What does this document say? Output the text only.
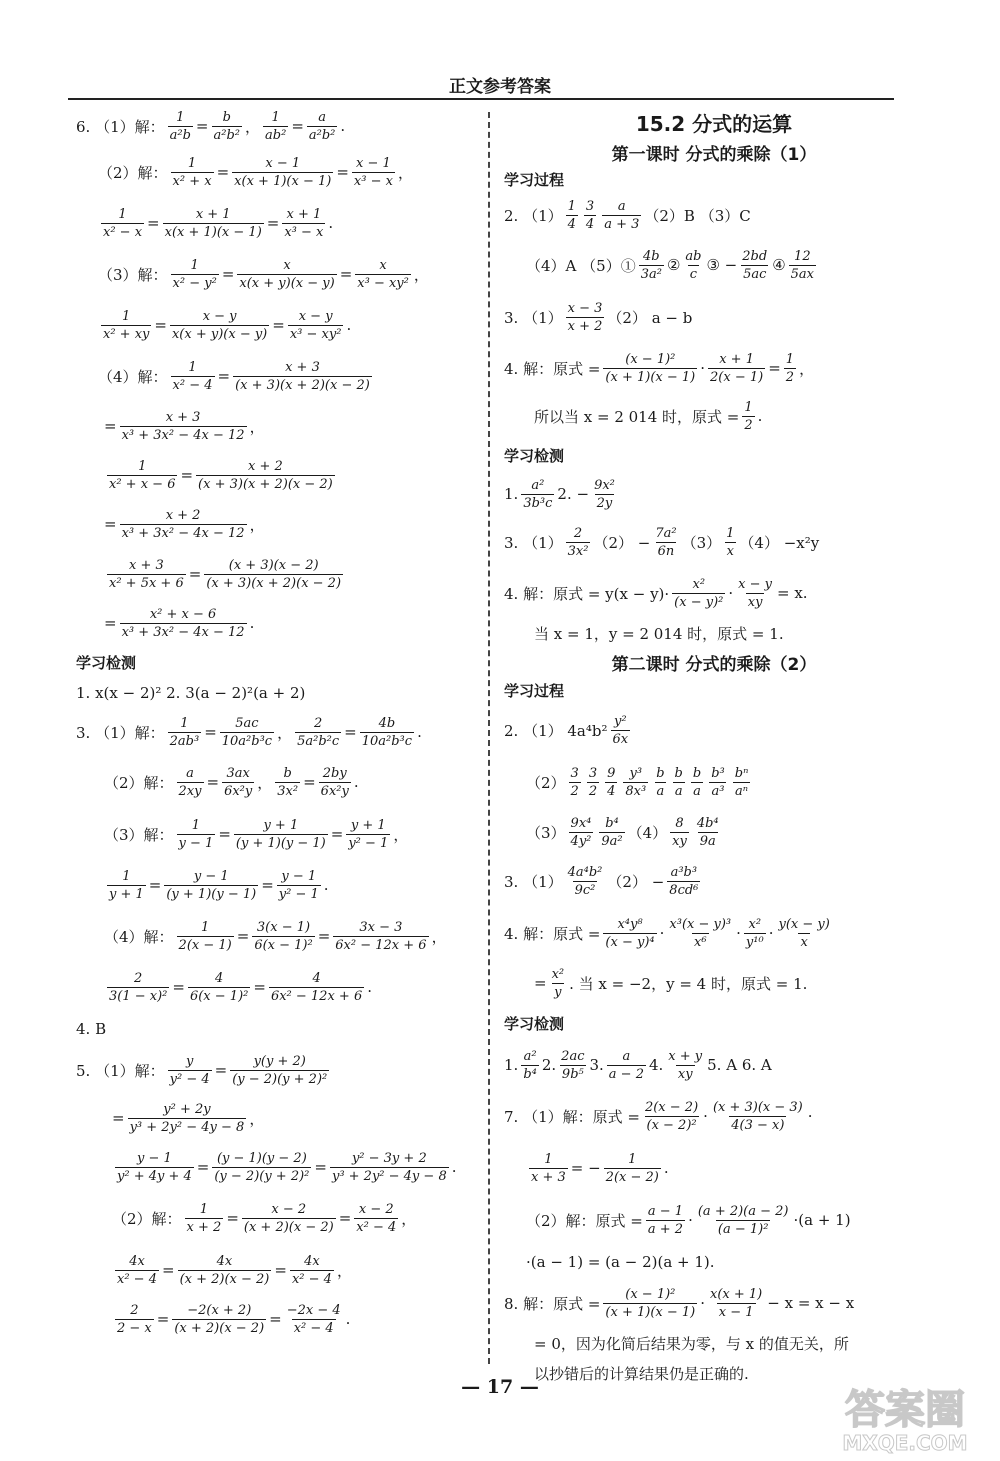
正文参考答案
6. （1）解： $\frac{1}{\text{a²b}} = \frac{b}{\text{a²b²}}$ ， $\frac{1}{\text{ab²}} = \frac{a}{\text{a²b²}}$ .
（2）解： $\frac{1}{\text{x² + x}} = \frac{x - 1}{x(x + 1)(x - 1)} = \frac{x - 1}{\text{x³ − x}}$ ，
$\frac{1}{\text{x² − x}} = \frac{x + 1}{x(x + 1)(x - 1)} = \frac{x + 1}{\text{x³ − x}}$ .
（3）解： $\frac{1}{\text{x² − y²}} = \frac{x}{x(x + y)(x - y)} = \frac{x}{\text{x³ − xy²}}$ ，
$\frac{1}{\text{x² + xy}} = \frac{x - y}{x(x + y)(x - y)} = \frac{x - y}{\text{x³ − xy²}}$ .
（4）解： $\frac{1}{\text{x² − 4}} = \frac{x + 3}{(x + 3)(x + 2)(x - 2)}$
= $\frac{x + 3}{\text{x³ + 3x² − 4x − 12}}$ ，
$\frac{1}{\text{x² + x − 6}} = \frac{x + 2}{(x + 3)(x + 2)(x - 2)}$
= $\frac{x + 2}{\text{x³ + 3x² − 4x − 12}}$ ，
$\frac{x + 3}{\text{x² + 5x + 6}} = \frac{(x + 3)(x - 2)}{(x + 3)(x + 2)(x - 2)}$
= $\frac{\text{x² + x − 6}}{\text{x³ + 3x² − 4x − 12}}$ .
学习检测
1. x(x − 2)² 2. 3(a − 2)²(a + 2)
3. （1）解： $\frac{1}{\text{2ab³}} = \frac{5ac}{\text{10a²b³c}}$ ， $\frac{2}{\text{5a²b²c}} = \frac{4b}{\text{10a²b³c}}$ .
（2）解： $\frac{a}{2xy} = \frac{3ax}{\text{6x²y}}$ ， $\frac{b}{\text{3x²}} = \frac{2by}{\text{6x²y}}$ .
（3）解： $\frac{1}{y - 1} = \frac{y + 1}{(y + 1)(y - 1)} = \frac{y + 1}{\text{y² − 1}}$ ，
$\frac{1}{y + 1} = \frac{y - 1}{(y + 1)(y - 1)} = \frac{y - 1}{\text{y² − 1}}$ .
（4）解： $\frac{1}{2(x - 1)} = \frac{3(x - 1)}{\text{6(x − 1)²}} = \frac{3x - 3}{\text{6x² − 12x + 6}}$ ，
$\frac{2}{\text{3(1 − x)²}} = \frac{4}{\text{6(x − 1)²}} = \frac{4}{\text{6x² − 12x + 6}}$ .
4. B
5. （1）解： $\frac{y}{\text{y² − 4}} = \frac{y(y + 2)}{\text{(y − 2)(y + 2)²}}$
= $\frac{\text{y² + 2y}}{\text{y³ + 2y² − 4y − 8}}$ ，
$\frac{y - 1}{\text{y² + 4y + 4}} = \frac{(y - 1)(y - 2)}{\text{(y − 2)(y + 2)²}} = \frac{\text{y² − 3y + 2}}{\text{y³ + 2y² − 4y − 8}}$ .
（2）解： $\frac{1}{x + 2} = \frac{x - 2}{(x + 2)(x - 2)} = \frac{x - 2}{\text{x² − 4}}$ ，
$\frac{4x}{\text{x² − 4}} = \frac{4x}{(x + 2)(x - 2)} = \frac{4x}{\text{x² − 4}}$ ，
$\frac{2}{2 - x} = \frac{-2(x + 2)}{(x + 2)(x - 2)} = \frac{-2x - 4}{\text{x² − 4}}$ .
15.2 分式的运算
第一课时 分式的乘除（1）
学习过程
2. $(1) \frac{1}{4} \frac{3}{4} \frac{a}{a + 3} (2)B$ （3）C
（4）A （5）① $\frac{4b}{\text{3a²}}$ ② $\frac{ab}{c}$ ③ − $\frac{2bd}{5ac}$ ④ $\frac{12}{5ax}$
3. $(1) \frac{x - 3}{x + 2} (2) a - b$
4. 解：原式 = $\frac{\text{(x − 1)²}}{(x + 1)(x - 1)} \cdot \frac{x + 1}{2(x - 1)} = \frac{1}{2}$ ，
所以当 x = 2 014 时，原式 = $\frac{1}{2}$ .
学习检测
1. $\frac{\text{a²}}{\text{3b³c}} 2$. − $\frac{\text{9x²}}{2y}$
3. $(1) \frac{2}{\text{3x²}} (2) - \frac{\text{7a²}}{6n} (3) \frac{1}{x} (4) -x^2y$
4. 解：原式 = $y(x - y)\cdot \frac{\text{x²}}{\text{(x − y)²}} \cdot \frac{x - y}{xy} = x$.
当 x = 1，y = 2 014 时，原式 = 1.
第二课时 分式的乘除（2）
学习过程
2. （1） $4a^4b^2 \frac{\text{y²}}{6x}$
$(2) \frac{3}{2} \frac{3}{2} \frac{9}{4} \frac{\text{y³}}{\text{8x³}} \frac{b}{a} \frac{b}{a} \frac{b}{a} \frac{\text{b³}}{\text{a³}} \frac{\text{bⁿ}}{\text{aⁿ}}$
$(3) \frac{\text{9x⁴}}{\text{4y²}} \frac{\text{b⁴}}{\text{9a²}} (4) \frac{8}{xy} \frac{\text{4b⁴}}{9a}$
3. $(1) \frac{\text{4a⁴b²}}{\text{9c²}} (2) - \frac{\text{a³b³}}{\text{8cd⁶}}$
4. 解：原式 = $\frac{\text{x⁴y⁸}}{\text{(x − y)⁴}} \cdot \frac{\text{x³(x − y)³}}{\text{x⁶}} \cdot \frac{\text{x²}}{\text{y¹⁰}} \cdot \frac{y(x - y)}{x}$
= $\frac{\text{x²}}{y}$ . 当 x = −2，y = 4 时，原式 = 1.
学习检测
1. $\frac{\text{a²}}{\text{b⁴}} 2$. $\frac{2ac}{\text{9b⁵}} 3$. $\frac{a}{a - 2} 4$. $\frac{x + y}{xy} 5$. A 6. A
7. （1）解：原式 = $\frac{2(x - 2)}{\text{(x − 2)²}} \cdot \frac{(x + 3)(x - 3)}{4(3 - x)}$ ·
$\frac{1}{x + 3}$ = − $\frac{1}{2(x - 2)}$ .
（2）解：原式 = $\frac{a - 1}{a + 2} \cdot \frac{(a + 2)(a - 2)}{\text{(a − 1)²}} \cdot(a + 1)$
·(a − 1) = (a − 2)(a + 1).
8. 解：原式 = $\frac{\text{(x − 1)²}}{(x + 1)(x - 1)} \cdot \frac{x(x + 1)}{x - 1} - x = x - x$
= 0，因为化简后结果为零，与 x 的值无关，所
以抄错后的计算结果仍是正确的.
— 17 —	答案圈
MXQE.COM
